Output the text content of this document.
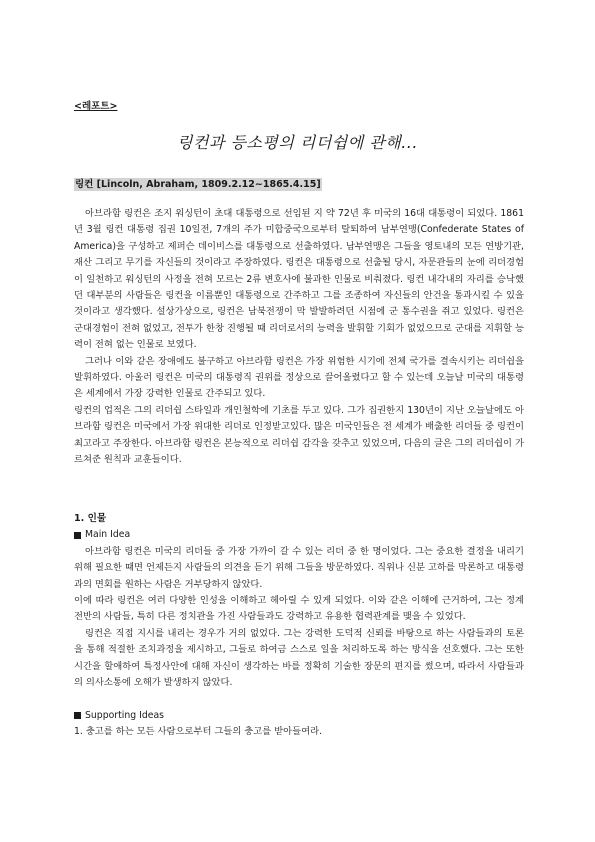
<레포트>
링컨과 등소평의 리더쉽에 관해...
링컨 [Lincoln, Abraham, 1809.2.12~1865.4.15]

아브라함 링컨은 조지 워싱턴이 초대 대통령으로 선임된 지 약 72년 후 미국의 16대 대통령이 되었다. 1861년 3월 링컨 대통령 집권 10일전, 7개의 주가 미합중국으로부터 탈퇴하여 남부연맹(Confederate States of America)을 구성하고 제퍼슨 데이비스를 대통령으로 선출하였다. 남부연맹은 그들을 영토내의 모든 연방기관, 재산 그리고 무기를 자신들의 것이라고 주장하였다. 링컨은 대통령으로 선출될 당시, 자문관들의 눈에 리더경험이 일천하고 워싱턴의 사정을 전혀 모르는 2류 변호사에 불과한 인물로 비춰졌다. 링컨 내각내의 자리를 승낙했던 대부분의 사람들은 링컨을 이름뿐인 대통령으로 간주하고 그를 조종하여 자신들의 안건을 통과시킬 수 있을 것이라고 생각했다. 설상가상으로, 링컨은 남북전쟁이 막 발발하려던 시점에 군 통수권을 쥐고 있었다. 링컨은 군대경험이 전혀 없었고, 전투가 한창 진행될 때 리더로서의 능력을 발휘할 기회가 없었으므로 군대를 지휘할 능력이 전혀 없는 인물로 보였다.

그러나 이와 같은 장애에도 불구하고 아브라함 링컨은 가장 위험한 시기에 전체 국가를 결속시키는 리더쉽을 발휘하였다. 아울러 링컨은 미국의 대통령직 권위를 정상으로 끌어올렸다고 할 수 있는데 오늘날 미국의 대통령은 세계에서 가장 강력한 인물로 간주되고 있다.

링컨의 업적은 그의 리더쉽 스타일과 개인철학에 기초를 두고 있다. 그가 집권한지 130년이 지난 오늘날에도 아브라함 링컨은 미국에서 가장 위대한 리더로 인정받고있다. 많은 미국인들은 전 세계가 배출한 리더들 중 링컨이 최고라고 주장한다. 아브라함 링컨은 본능적으로 리더쉽 감각을 갖추고 있었으며, 다음의 글은 그의 리더쉽이 가르쳐준 원칙과 교훈들이다.

1. 인물
Main Idea

아브라함 링컨은 미국의 리더들 중 가장 가까이 갈 수 있는 리더 중 한 명이었다. 그는 중요한 결정을 내리기 위해 필요한 때면 언제든지 사람들의 의견을 듣기 위해 그들을 방문하였다. 직위나 신분 고하를 막론하고 대통령과의 면회를 원하는 사람은 거부당하지 않았다.

이에 따라 링컨은 여러 다양한 인성을 이해하고 헤아릴 수 있게 되었다. 이와 같은 이해에 근거하여, 그는 정계 전반의 사람들, 특히 다른 정치관을 가진 사람들과도 강력하고 유용한 협력관계를 맺을 수 있었다.

링컨은 직접 지시를 내리는 경우가 거의 없었다. 그는 강력한 도덕적 신뢰를 바탕으로 하는 사람들과의 토론을 통해 적절한 조치과정을 제시하고, 그들로 하여금 스스로 일을 처리하도록 하는 방식을 선호했다. 그는 또한 시간을 할애하여 특정사안에 대해 자신이 생각하는 바를 정확히 기술한 장문의 편지를 썼으며, 따라서 사람들과의 의사소통에 오해가 발생하지 않았다.

Supporting Ideas

1. 충고를 하는 모든 사람으로부터 그들의 충고를 받아들여라.
